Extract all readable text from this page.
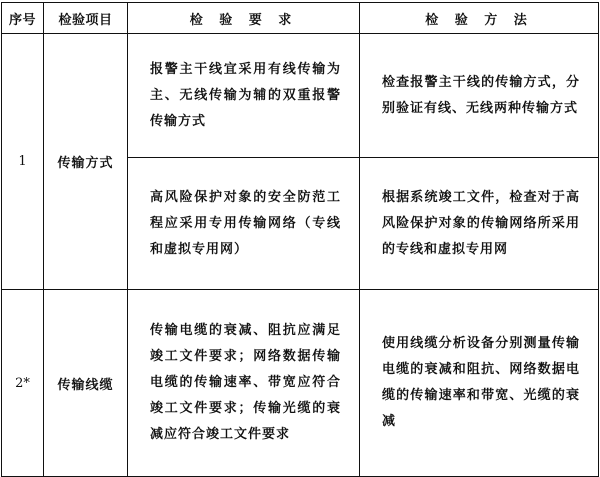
序号	检验项目	检 验 要 求	检 验 方 法
1	传输方式	报警主干线宜采用有线传输为主、无线传输为辅的双重报警传输方式	检查报警主干线的传输方式，分别验证有线、无线两种传输方式
		高风险保护对象的安全防范工程应采用专用传输网络（专线和虚拟专用网）	根据系统竣工文件，检查对于高风险保护对象的传输网络所采用的专线和虚拟专用网
2*	传输线缆	传输电缆的衰减、阻抗应满足竣工文件要求；网络数据传输电缆的传输速率、带宽应符合竣工文件要求；传输光缆的衰减应符合竣工文件要求	使用线缆分析设备分别测量传输电缆的衰减和阻抗、网络数据电缆的传输速率和带宽、光缆的衰减
